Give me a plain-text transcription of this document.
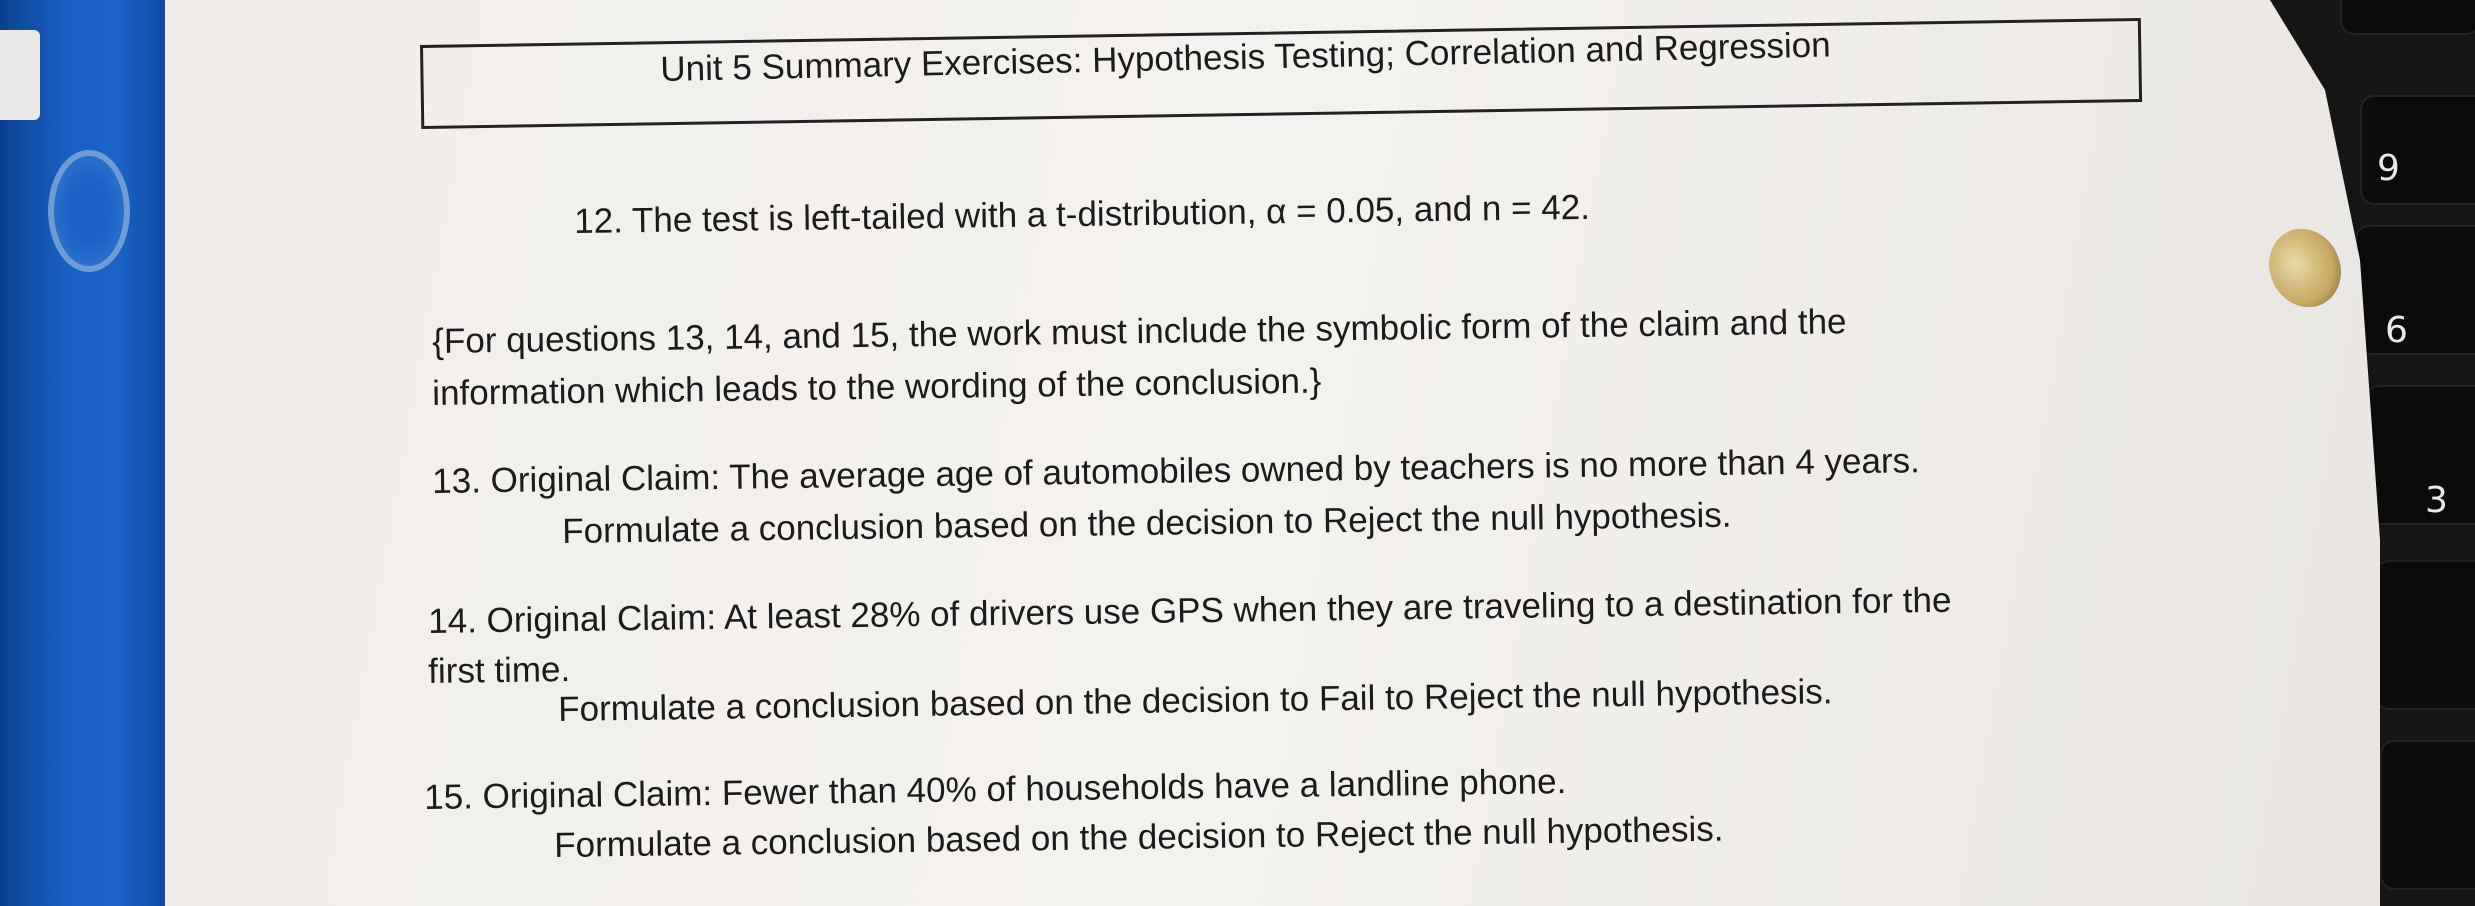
9
6
3
Unit 5 Summary Exercises: Hypothesis Testing; Correlation and Regression
12. The test is left-tailed with a t-distribution, α = 0.05, and n = 42.
{For questions 13, 14, and 15, the work must include the symbolic form of the claim and the
information which leads to the wording of the conclusion.}
13. Original Claim: The average age of automobiles owned by teachers is no more than 4 years.
Formulate a conclusion based on the decision to Reject the null hypothesis.
14. Original Claim: At least 28% of drivers use GPS when they are traveling to a destination for the
first time.
Formulate a conclusion based on the decision to Fail to Reject the null hypothesis.
15. Original Claim: Fewer than 40% of households have a landline phone.
Formulate a conclusion based on the decision to Reject the null hypothesis.
